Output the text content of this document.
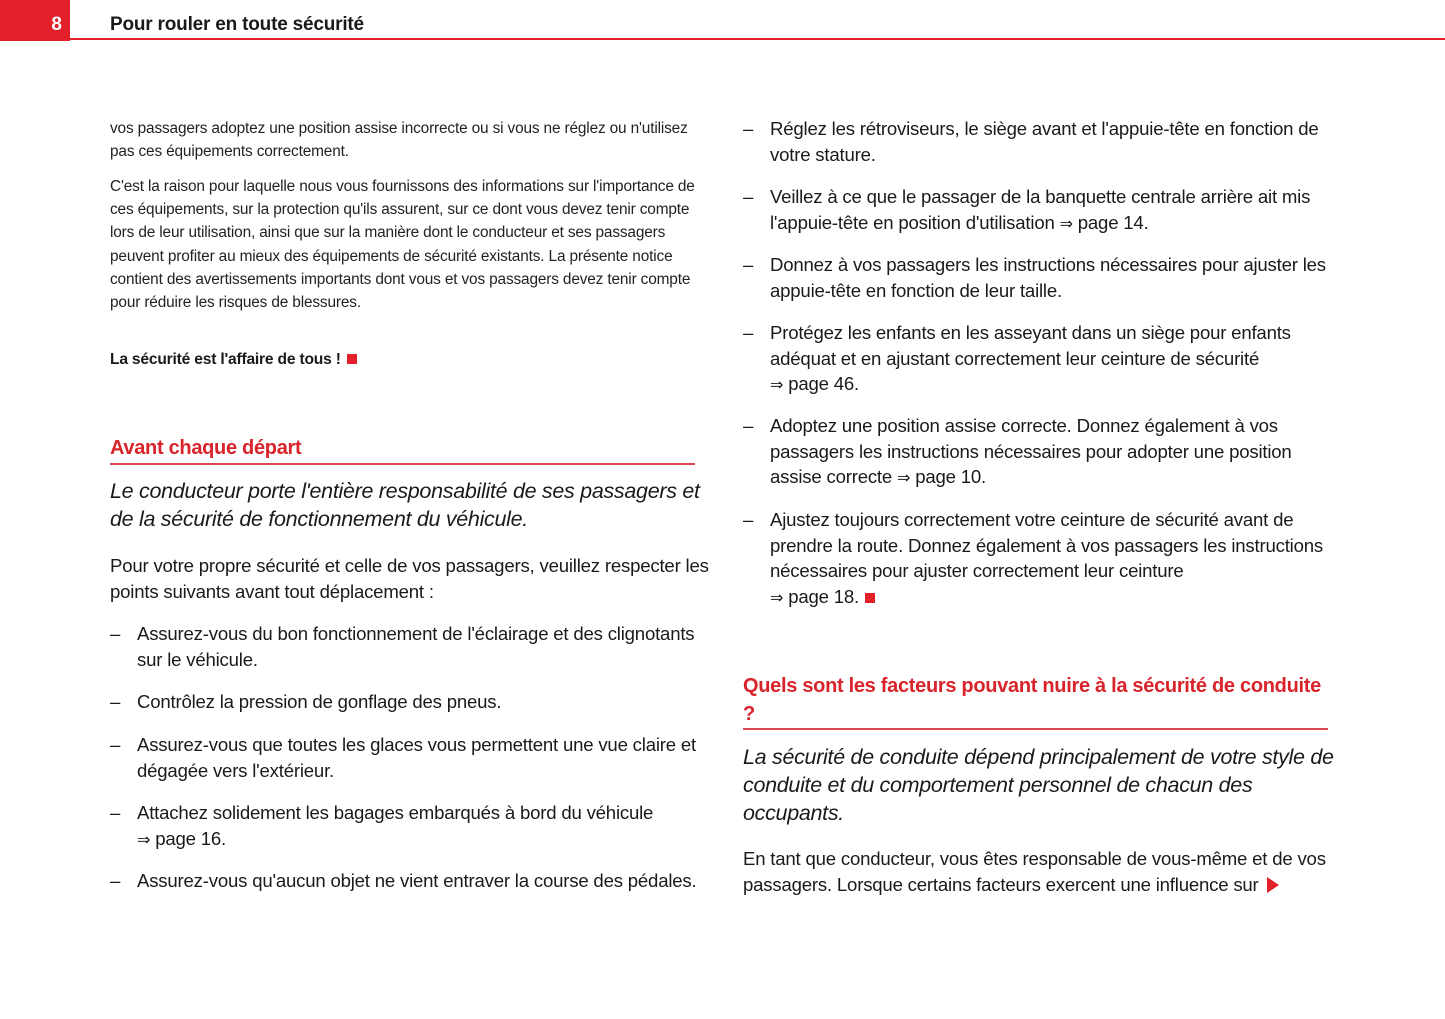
8	Pour rouler en toute sécurité
vos passagers adoptez une position assise incorrecte ou si vous ne réglez ou n'utilisez pas ces équipements correctement.
C'est la raison pour laquelle nous vous fournissons des informations sur l'importance de ces équipements, sur la protection qu'ils assurent, sur ce dont vous devez tenir compte lors de leur utilisation, ainsi que sur la manière dont le conducteur et ses passagers peuvent profiter au mieux des équipements de sécurité existants. La présente notice contient des avertissements importants dont vous et vos passagers devez tenir compte pour réduire les risques de blessures.
La sécurité est l'affaire de tous !
Avant chaque départ
Le conducteur porte l'entière responsabilité de ses passagers et de la sécurité de fonctionnement du véhicule.
Pour votre propre sécurité et celle de vos passagers, veuillez respecter les points suivants avant tout déplacement :
– Assurez-vous du bon fonctionnement de l'éclairage et des clignotants sur le véhicule.
– Contrôlez la pression de gonflage des pneus.
– Assurez-vous que toutes les glaces vous permettent une vue claire et dégagée vers l'extérieur.
– Attachez solidement les bagages embarqués à bord du véhicule
⇒ page 16.
– Assurez-vous qu'aucun objet ne vient entraver la course des pédales.
– Réglez les rétroviseurs, le siège avant et l'appuie-tête en fonction de votre stature.
– Veillez à ce que le passager de la banquette centrale arrière ait mis l'appuie-tête en position d'utilisation ⇒ page 14.
– Donnez à vos passagers les instructions nécessaires pour ajuster les appuie-tête en fonction de leur taille.
– Protégez les enfants en les asseyant dans un siège pour enfants adéquat et en ajustant correctement leur ceinture de sécurité
⇒ page 46.
– Adoptez une position assise correcte. Donnez également à vos passagers les instructions nécessaires pour adopter une position assise correcte ⇒ page 10.
– Ajustez toujours correctement votre ceinture de sécurité avant de prendre la route. Donnez également à vos passagers les instructions nécessaires pour ajuster correctement leur ceinture
⇒ page 18.
Quels sont les facteurs pouvant nuire à la sécurité de conduite ?
La sécurité de conduite dépend principalement de votre style de conduite et du comportement personnel de chacun des occupants.
En tant que conducteur, vous êtes responsable de vous-même et de vos passagers. Lorsque certains facteurs exercent une influence sur
